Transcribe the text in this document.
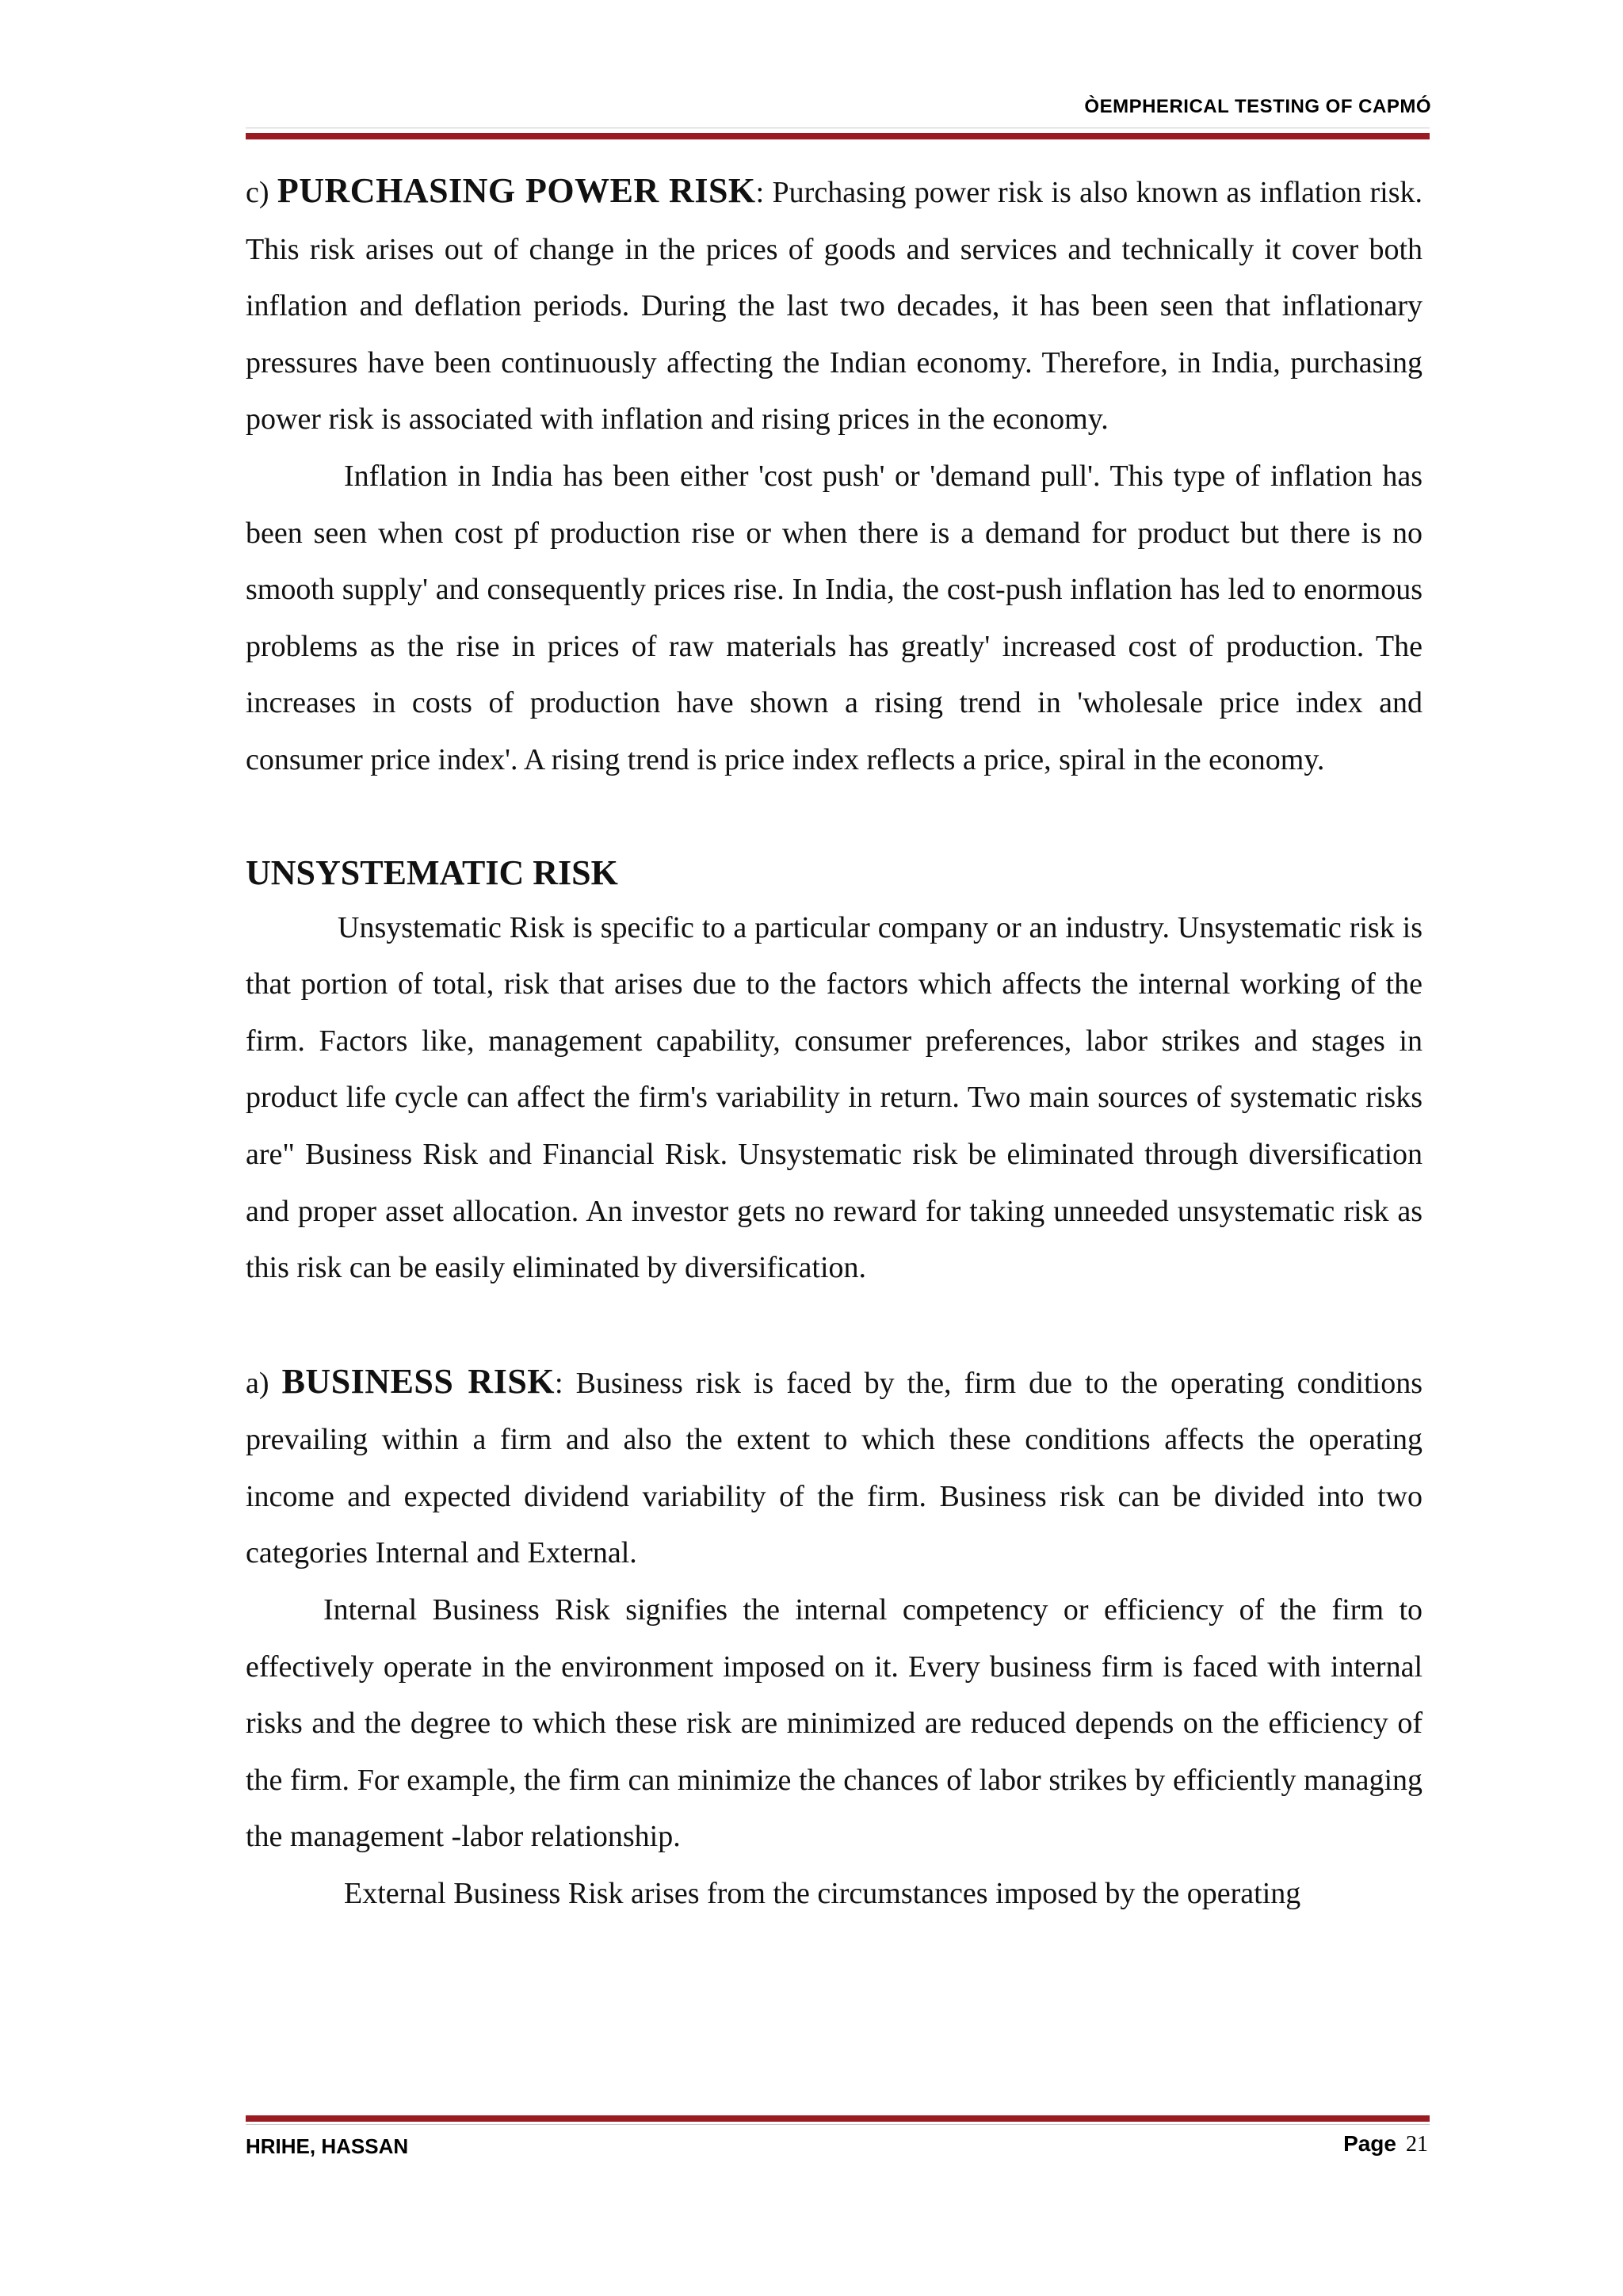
ÒEMPHERICAL TESTING OF CAPMÓ

c) PURCHASING POWER RISK: Purchasing power risk is also known as inflation risk. This risk arises out of change in the prices of goods and services and technically it cover both inflation and deflation periods. During the last two decades, it has been seen that inflationary pressures have been continuously affecting the Indian economy. Therefore, in India, purchasing power risk is associated with inflation and rising prices in the economy.

Inflation in India has been either 'cost push' or 'demand pull'. This type of inflation has been seen when cost pf production rise or when there is a demand for product but there is no smooth supply' and consequently prices rise. In India, the cost-push inflation has led to enormous problems as the rise in prices of raw materials has greatly' increased cost of production. The increases in costs of production have shown a rising trend in 'wholesale price index and consumer price index'. A rising trend is price index reflects a price, spiral in the economy.

UNSYSTEMATIC RISK

Unsystematic Risk is specific to a particular company or an industry. Unsystematic risk is that portion of total, risk that arises due to the factors which affects the internal working of the firm. Factors like, management capability, consumer preferences, labor strikes and stages in product life cycle can affect the firm's variability in return. Two main sources of systematic risks are" Business Risk and Financial Risk. Unsystematic risk be eliminated through diversification and proper asset allocation. An investor gets no reward for taking unneeded unsystematic risk as this risk can be easily eliminated by diversification.

a) BUSINESS RISK: Business risk is faced by the, firm due to the operating conditions prevailing within a firm and also the extent to which these conditions affects the operating income and expected dividend variability of the firm. Business risk can be divided into two categories Internal and External.

Internal Business Risk signifies the internal competency or efficiency of the firm to effectively operate in the environment imposed on it. Every business firm is faced with internal risks and the degree to which these risk are minimized are reduced depends on the efficiency of the firm. For example, the firm can minimize the chances of labor strikes by efficiently managing the management -labor relationship.

External Business Risk arises from the circumstances imposed by the operating

HRIHE, HASSAN	Page 21
